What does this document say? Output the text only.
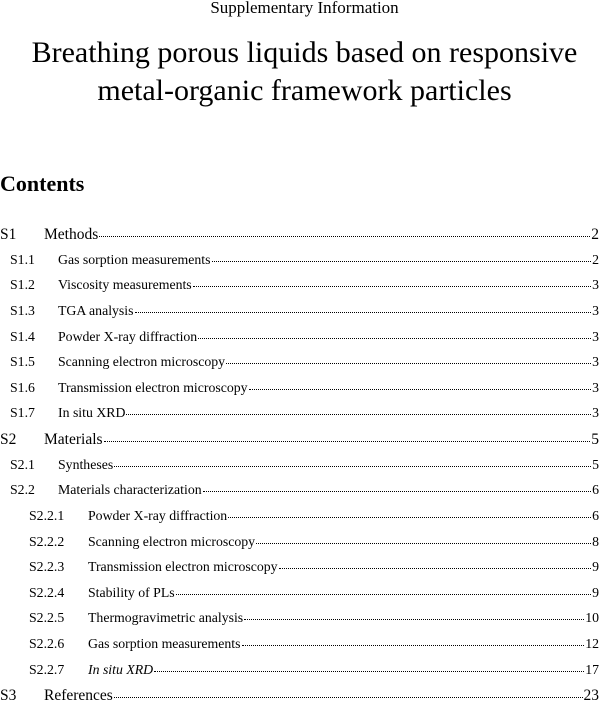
Supplementary Information
Breathing porous liquids based on responsive
metal-organic framework particles
Contents
S1	Methods	2
S1.1	Gas sorption measurements	2
S1.2	Viscosity measurements	3
S1.3	TGA analysis	3
S1.4	Powder X-ray diffraction	3
S1.5	Scanning electron microscopy	3
S1.6	Transmission electron microscopy	3
S1.7	In situ XRD	3
S2	Materials	5
S2.1	Syntheses	5
S2.2	Materials characterization	6
S2.2.1	Powder X-ray diffraction	6
S2.2.2	Scanning electron microscopy	8
S2.2.3	Transmission electron microscopy	9
S2.2.4	Stability of PLs	9
S2.2.5	Thermogravimetric analysis	10
S2.2.6	Gas sorption measurements	12
S2.2.7	In situ XRD	17
S3	References	23
